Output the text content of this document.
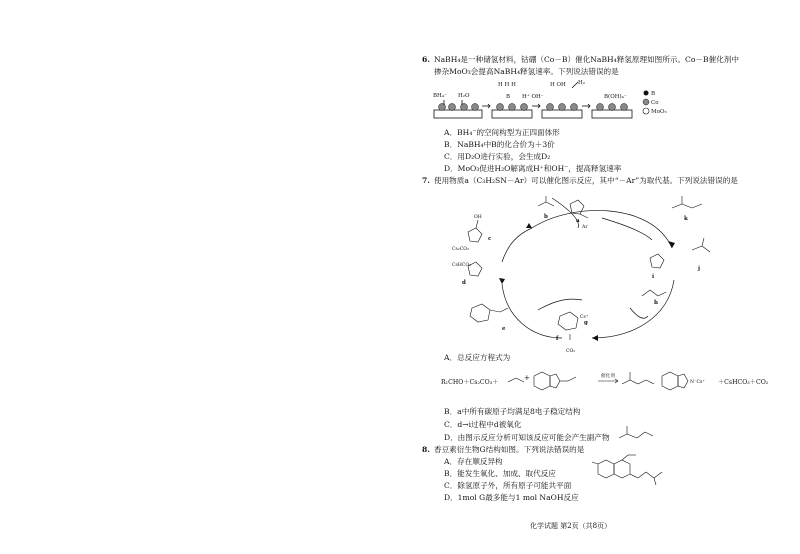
6. NaBH₄是一种储氢材料，钴硼（Co－B）催化NaBH₄释氢原理如图所示。Co－B催化剂中
掺杂MoO₃会提高NaBH₄释氢速率。下列说法错误的是
BH₄⁻ H₂O
H H H
B H⁺ OH⁻
H OH H₂
B(OH)₄⁻	B
Co
MoO₃
A．BH₄⁻的空间构型为正四面体形
B．NaBH₄中B的化合价为＋3价
C．用D₂O进行实验，会生成D₂
D．MoO₃促进H₂O解离成H⁺和OH⁻，提高释氢速率
7. 使用物质a（C₃H₂SN－Ar）可以催化图示反应，其中“－Ar”为取代基。下列说法错误的是
a
b
c
d
e
f
g
h
i
j
k
Cs₂CO₃
CsHCO₃
CO₂
OH
Ar
Cs⁺
A．总反应方程式为
R₁CHO＋Cs₂CO₃＋
+	催化剂
N⁻Cs⁺ ＋CsHCO₃＋CO₂
B．a中所有碳原子均满足8电子稳定结构
C．d→i过程中d被氧化
D．由图示反应分析可知该反应可能会产生副产物
8. 香豆素衍生物G结构如图。下列说法错误的是
A．存在顺反异构
B．能发生氧化、加成、取代反应
C．除氢原子外，所有原子可能共平面
D．1mol G最多能与1 mol NaOH反应
化学试题 第2页（共8页）
